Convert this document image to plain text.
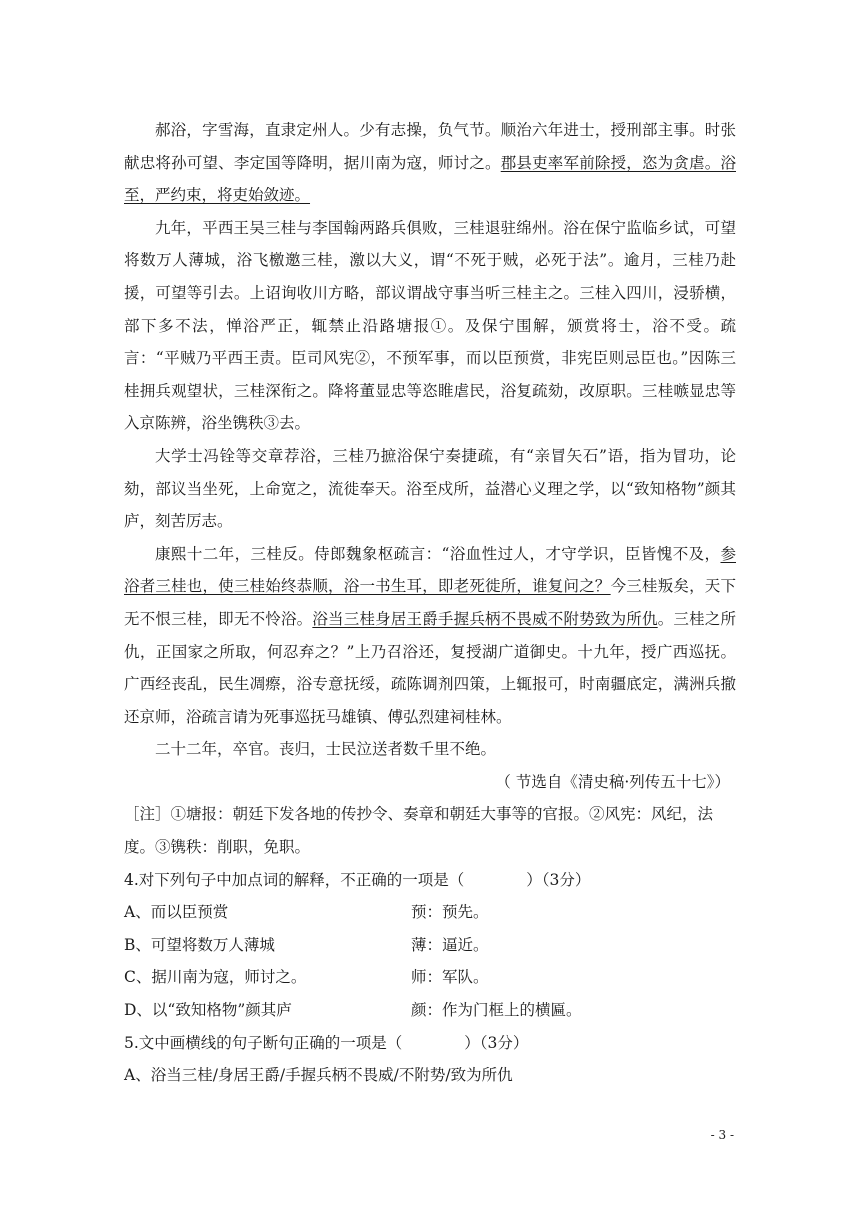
郝浴，字雪海，直隶定州人。少有志操，负气节。顺治六年进士，授刑部主事。时张献忠将孙可望、李定国等降明，据川南为寇，师讨之。郡县吏率军前除授，恣为贪虐。浴至，严约束，将吏始敛迹。

九年，平西王吴三桂与李国翰两路兵俱败，三桂退驻绵州。浴在保宁监临乡试，可望将数万人薄城，浴飞檄邀三桂，激以大义，谓“不死于贼，必死于法”。逾月，三桂乃赴援，可望等引去。上诏询收川方略，部议谓战守事当听三桂主之。三桂入四川，浸骄横，部下多不法，惮浴严正，辄禁止沿路塘报①。及保宁围解，颁赏将士，浴不受。疏言：“平贼乃平西王责。臣司风宪②，不预军事，而以臣预赏，非宪臣则忌臣也。”因陈三桂拥兵观望状，三桂深衔之。降将董显忠等恣睢虐民，浴复疏劾，改原职。三桂嗾显忠等入京陈辨，浴坐镌秩③去。

大学士冯铨等交章荐浴，三桂乃摭浴保宁奏捷疏，有“亲冒矢石”语，指为冒功，论劾，部议当坐死，上命宽之，流徙奉天。浴至戍所，益潜心义理之学，以“致知格物”颜其庐，刻苦厉志。

康熙十二年，三桂反。侍郎魏象枢疏言：“浴血性过人，才守学识，臣皆愧不及，参浴者三桂也，使三桂始终恭顺，浴一书生耳，即老死徙所，谁复问之？今三桂叛矣，天下无不恨三桂，即无不怜浴。浴当三桂身居王爵手握兵柄不畏威不附势致为所仇。三桂之所仇，正国家之所取，何忍弃之？”上乃召浴还，复授湖广道御史。十九年，授广西巡抚。广西经丧乱，民生凋瘵，浴专意抚绥，疏陈调剂四策，上辄报可，时南疆底定，满洲兵撤还京师，浴疏言请为死事巡抚马雄镇、傅弘烈建祠桂林。

二十二年，卒官。丧归，士民泣送者数千里不绝。

（ 节选自《清史稿·列传五十七》）

［注］①塘报：朝廷下发各地的传抄令、奏章和朝廷大事等的官报。②风宪：风纪，法度。③镌秩：削职，免职。

4.对下列句子中加点词的解释，不正确的一项是（　　　　）（3分）

A、而以臣预赏	预：预先。
B、可望将数万人薄城	薄：逼近。
C、据川南为寇，师讨之。	师：军队。
D、以“致知格物”颜其庐	颜：作为门框上的横匾。

5.文中画横线的句子断句正确的一项是（　　　　）（3分）

A、浴当三桂/身居王爵/手握兵柄不畏威/不附势/致为所仇

- 3 -
